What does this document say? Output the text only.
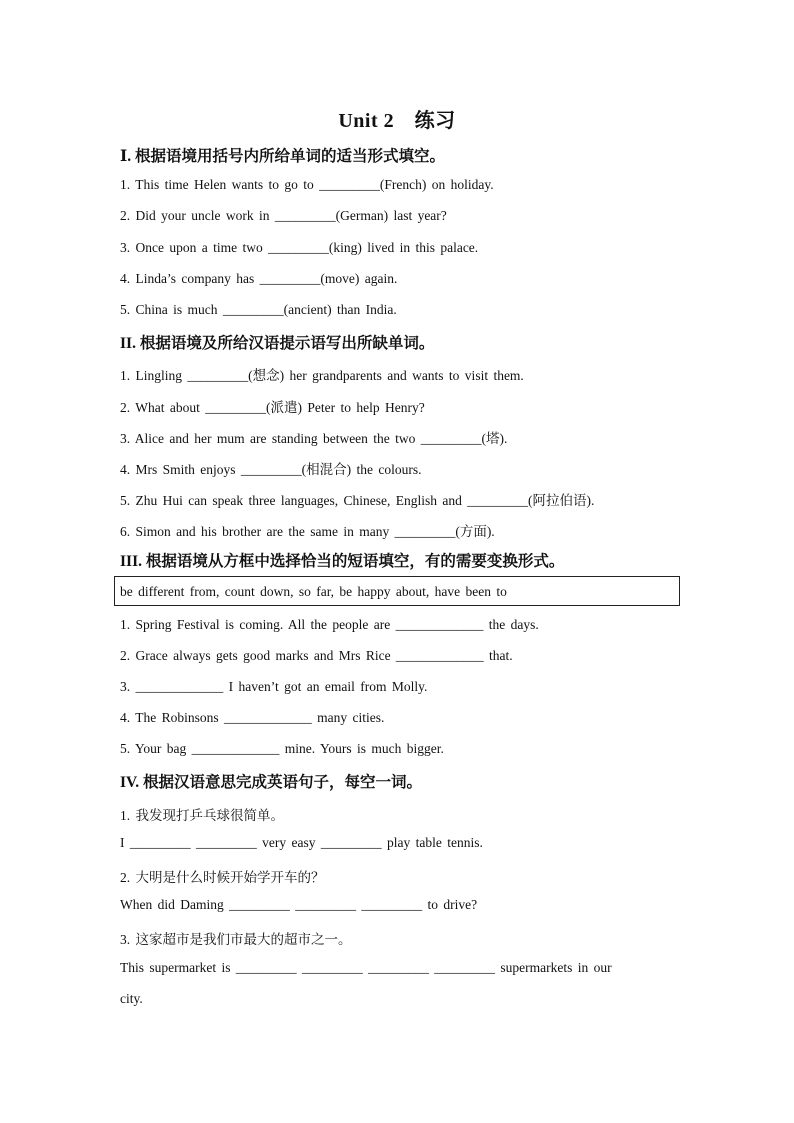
Unit 2　练习
Ⅰ. 根据语境用括号内所给单词的适当形式填空。
1. This time Helen wants to go to _________(French) on holiday.
2. Did your uncle work in _________(German) last year?
3. Once upon a time two _________(king) lived in this palace.
4. Linda’s company has _________(move) again.
5. China is much _________(ancient) than India.
II. 根据语境及所给汉语提示语写出所缺单词。
1. Lingling _________(想念) her grandparents and wants to visit them.
2. What about _________(派遣) Peter to help Henry?
3. Alice and her mum are standing between the two _________(塔).
4. Mrs Smith enjoys _________(相混合) the colours.
5. Zhu Hui can speak three languages, Chinese, English and _________(阿拉伯语).
6. Simon and his brother are the same in many _________(方面).
III. 根据语境从方框中选择恰当的短语填空，有的需要变换形式。
be different from, count down, so far, be happy about, have been to
1. Spring Festival is coming. All the people are _____________ the days.
2. Grace always gets good marks and Mrs Rice _____________ that.
3. _____________ I haven’t got an email from Molly.
4. The Robinsons _____________ many cities.
5. Your bag _____________ mine. Yours is much bigger.
IV. 根据汉语意思完成英语句子，每空一词。
1. 我发现打乒乓球很简单。
I _________ _________ very easy _________ play table tennis.
2. 大明是什么时候开始学开车的？
When did Daming _________ _________ _________ to drive?
3. 这家超市是我们市最大的超市之一。
This supermarket is _________ _________ _________ _________ supermarkets in our
city.
